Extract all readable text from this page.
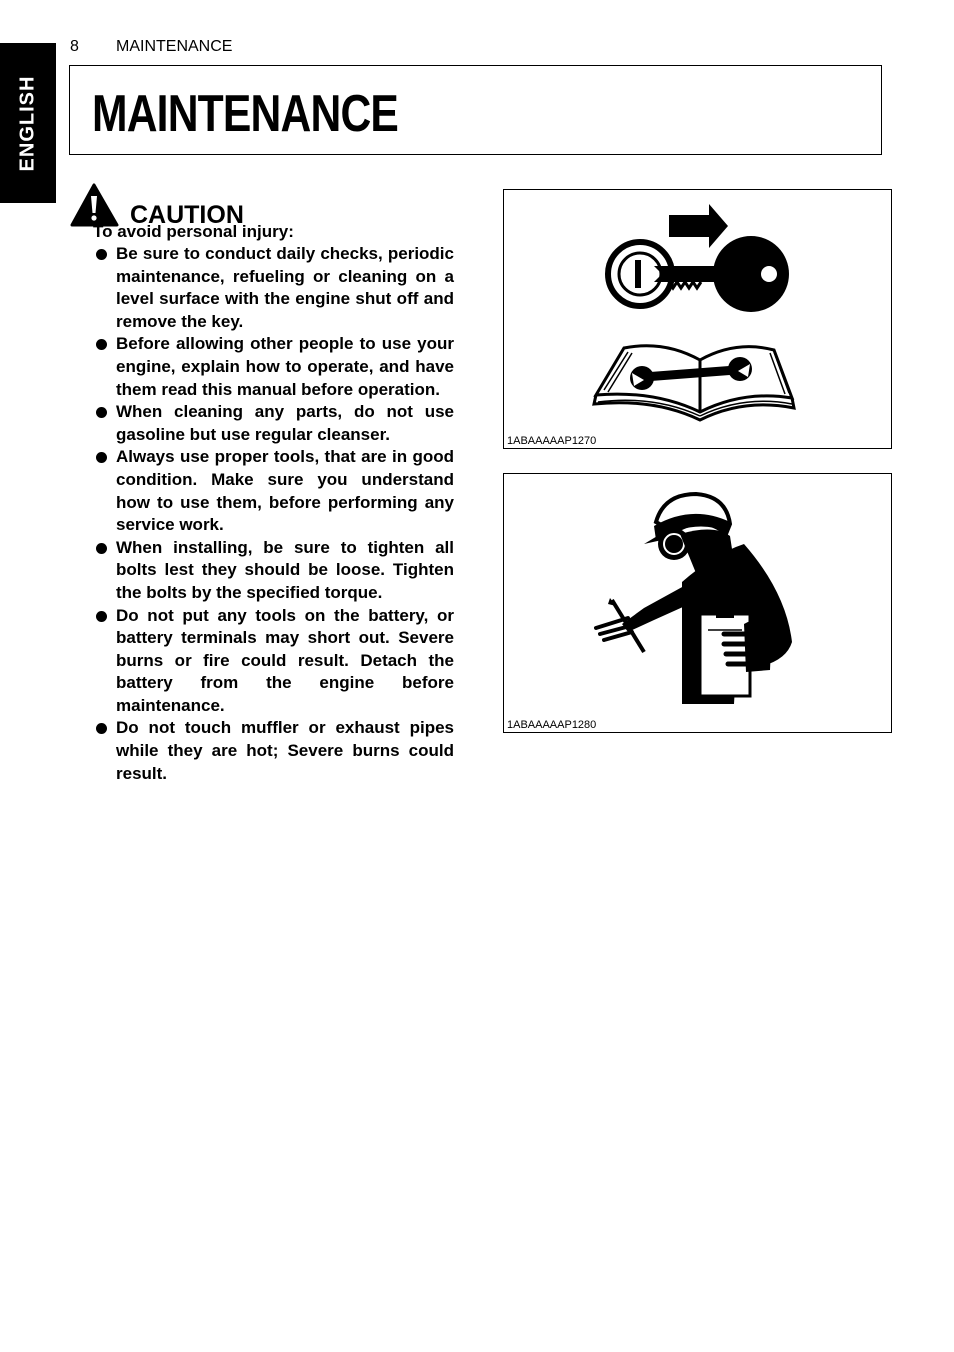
ENGLISH
8	MAINTENANCE
MAINTENANCE
CAUTION
To avoid personal injury:
Be sure to conduct daily checks, periodic maintenance, refueling or cleaning on a level surface with the engine shut off and remove the key.
Before allowing other people to use your engine, explain how to operate, and have them read this manual before operation.
When cleaning any parts, do not use gasoline but use regular cleanser.
Always use proper tools, that are in good condition. Make sure you understand how to use them, before performing any service work.
When installing, be sure to tighten all bolts lest they should be loose. Tighten the bolts by the specified torque.
Do not put any tools on the battery, or battery terminals may short out. Severe burns or fire could result. Detach the battery from the engine before maintenance.
Do not touch muffler or exhaust pipes while they are hot; Severe burns could result.
1ABAAAAAP1270
1ABAAAAAP1280
